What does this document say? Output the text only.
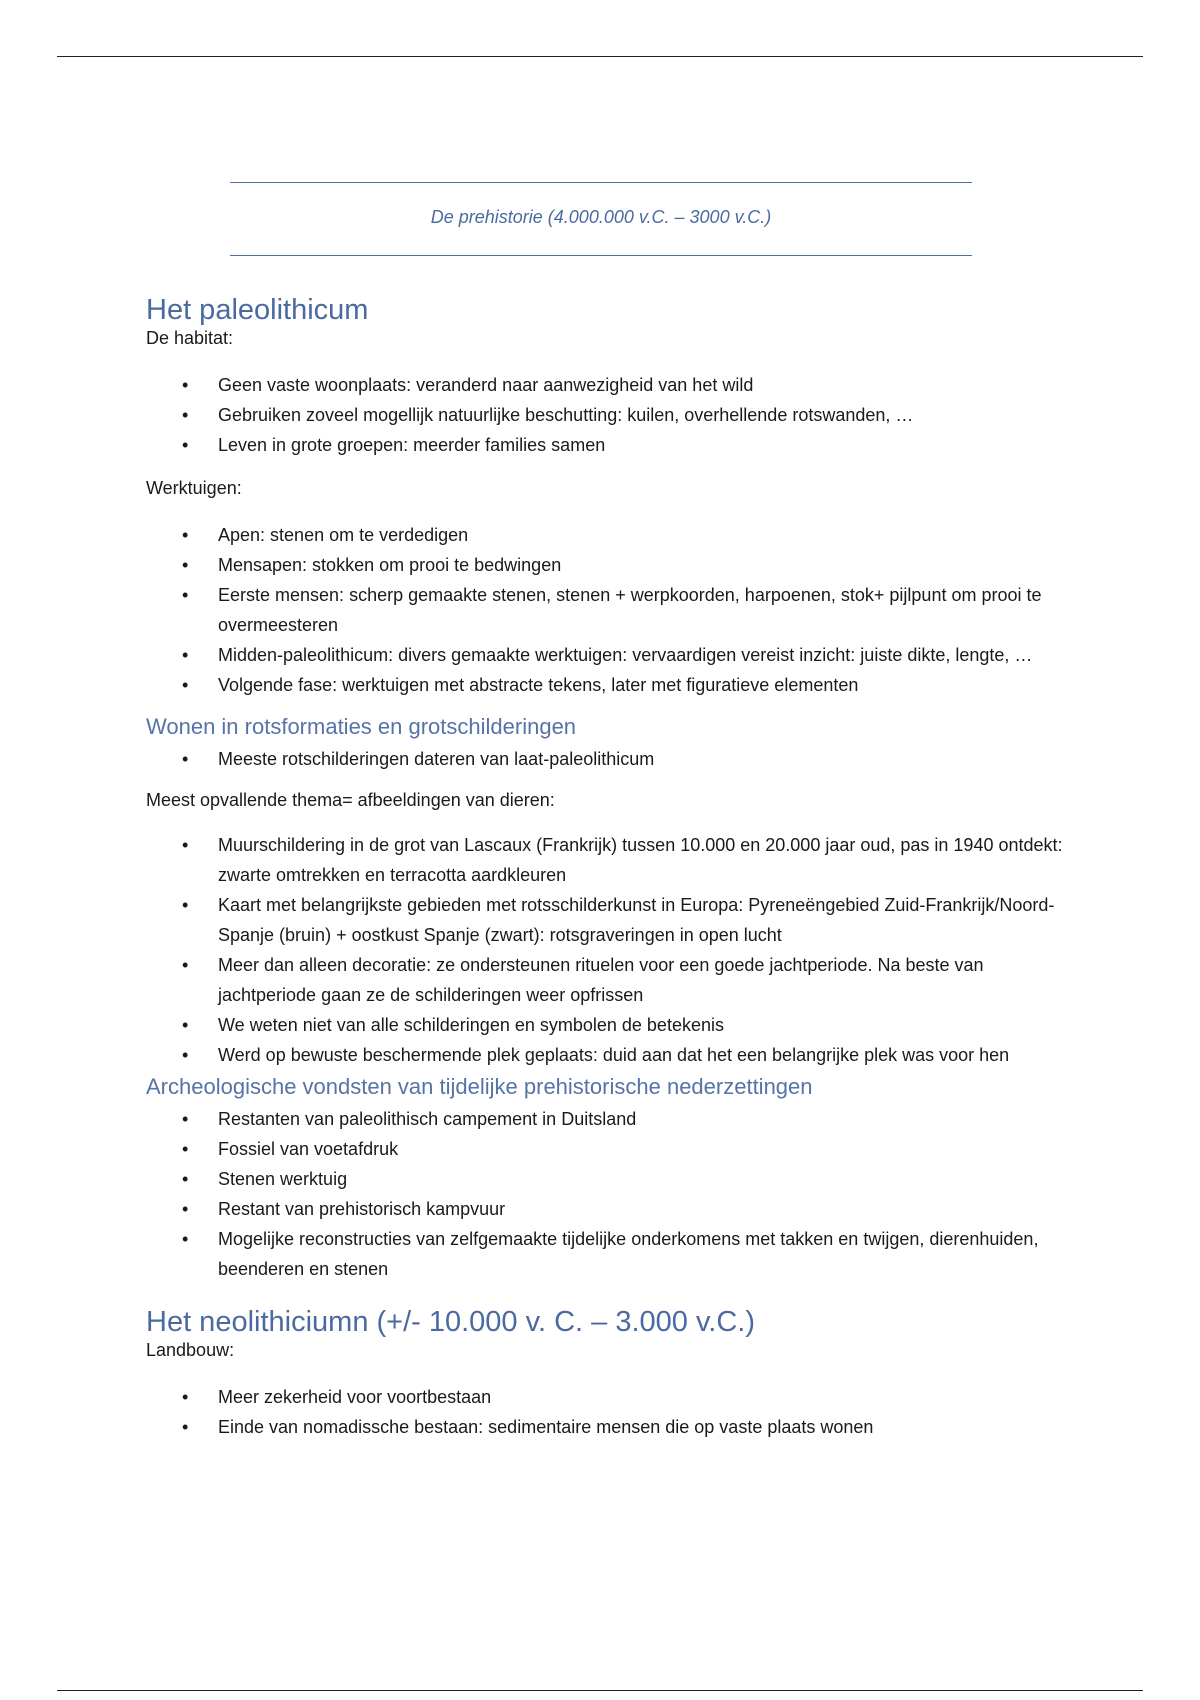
De prehistorie (4.000.000 v.C. – 3000 v.C.)
Het paleolithicum

De habitat:

• Geen vaste woonplaats: veranderd naar aanwezigheid van het wild
• Gebruiken zoveel mogellijk natuurlijke beschutting: kuilen, overhellende rotswanden, …
• Leven in grote groepen: meerder families samen

Werktuigen:

• Apen: stenen om te verdedigen
• Mensapen: stokken om prooi te bedwingen
• Eerste mensen: scherp gemaakte stenen, stenen + werpkoorden, harpoenen, stok+ pijlpunt om prooi te overmeesteren
• Midden-paleolithicum: divers gemaakte werktuigen: vervaardigen vereist inzicht: juiste dikte, lengte, …
• Volgende fase: werktuigen met abstracte tekens, later met figuratieve elementen
Wonen in rotsformaties en grotschilderingen
• Meeste rotschilderingen dateren van laat-paleolithicum

Meest opvallende thema= afbeeldingen van dieren:

• Muurschildering in de grot van Lascaux (Frankrijk) tussen 10.000 en 20.000 jaar oud, pas in 1940 ontdekt: zwarte omtrekken en terracotta aardkleuren
• Kaart met belangrijkste gebieden met rotsschilderkunst in Europa: Pyreneëngebied Zuid-Frankrijk/Noord-Spanje (bruin) + oostkust Spanje (zwart): rotsgraveringen in open lucht
• Meer dan alleen decoratie: ze ondersteunen rituelen voor een goede jachtperiode. Na beste van jachtperiode gaan ze de schilderingen weer opfrissen
• We weten niet van alle schilderingen en symbolen de betekenis
• Werd op bewuste beschermende plek geplaats: duid aan dat het een belangrijke plek was voor hen
Archeologische vondsten van tijdelijke prehistorische nederzettingen
• Restanten van paleolithisch campement in Duitsland
• Fossiel van voetafdruk
• Stenen werktuig
• Restant van prehistorisch kampvuur
• Mogelijke reconstructies van zelfgemaakte tijdelijke onderkomens met takken en twijgen, dierenhuiden, beenderen en stenen
Het neolithiciumn (+/- 10.000 v. C. – 3.000 v.C.)

Landbouw:

• Meer zekerheid voor voortbestaan
• Einde van nomadissche bestaan: sedimentaire mensen die op vaste plaats wonen
